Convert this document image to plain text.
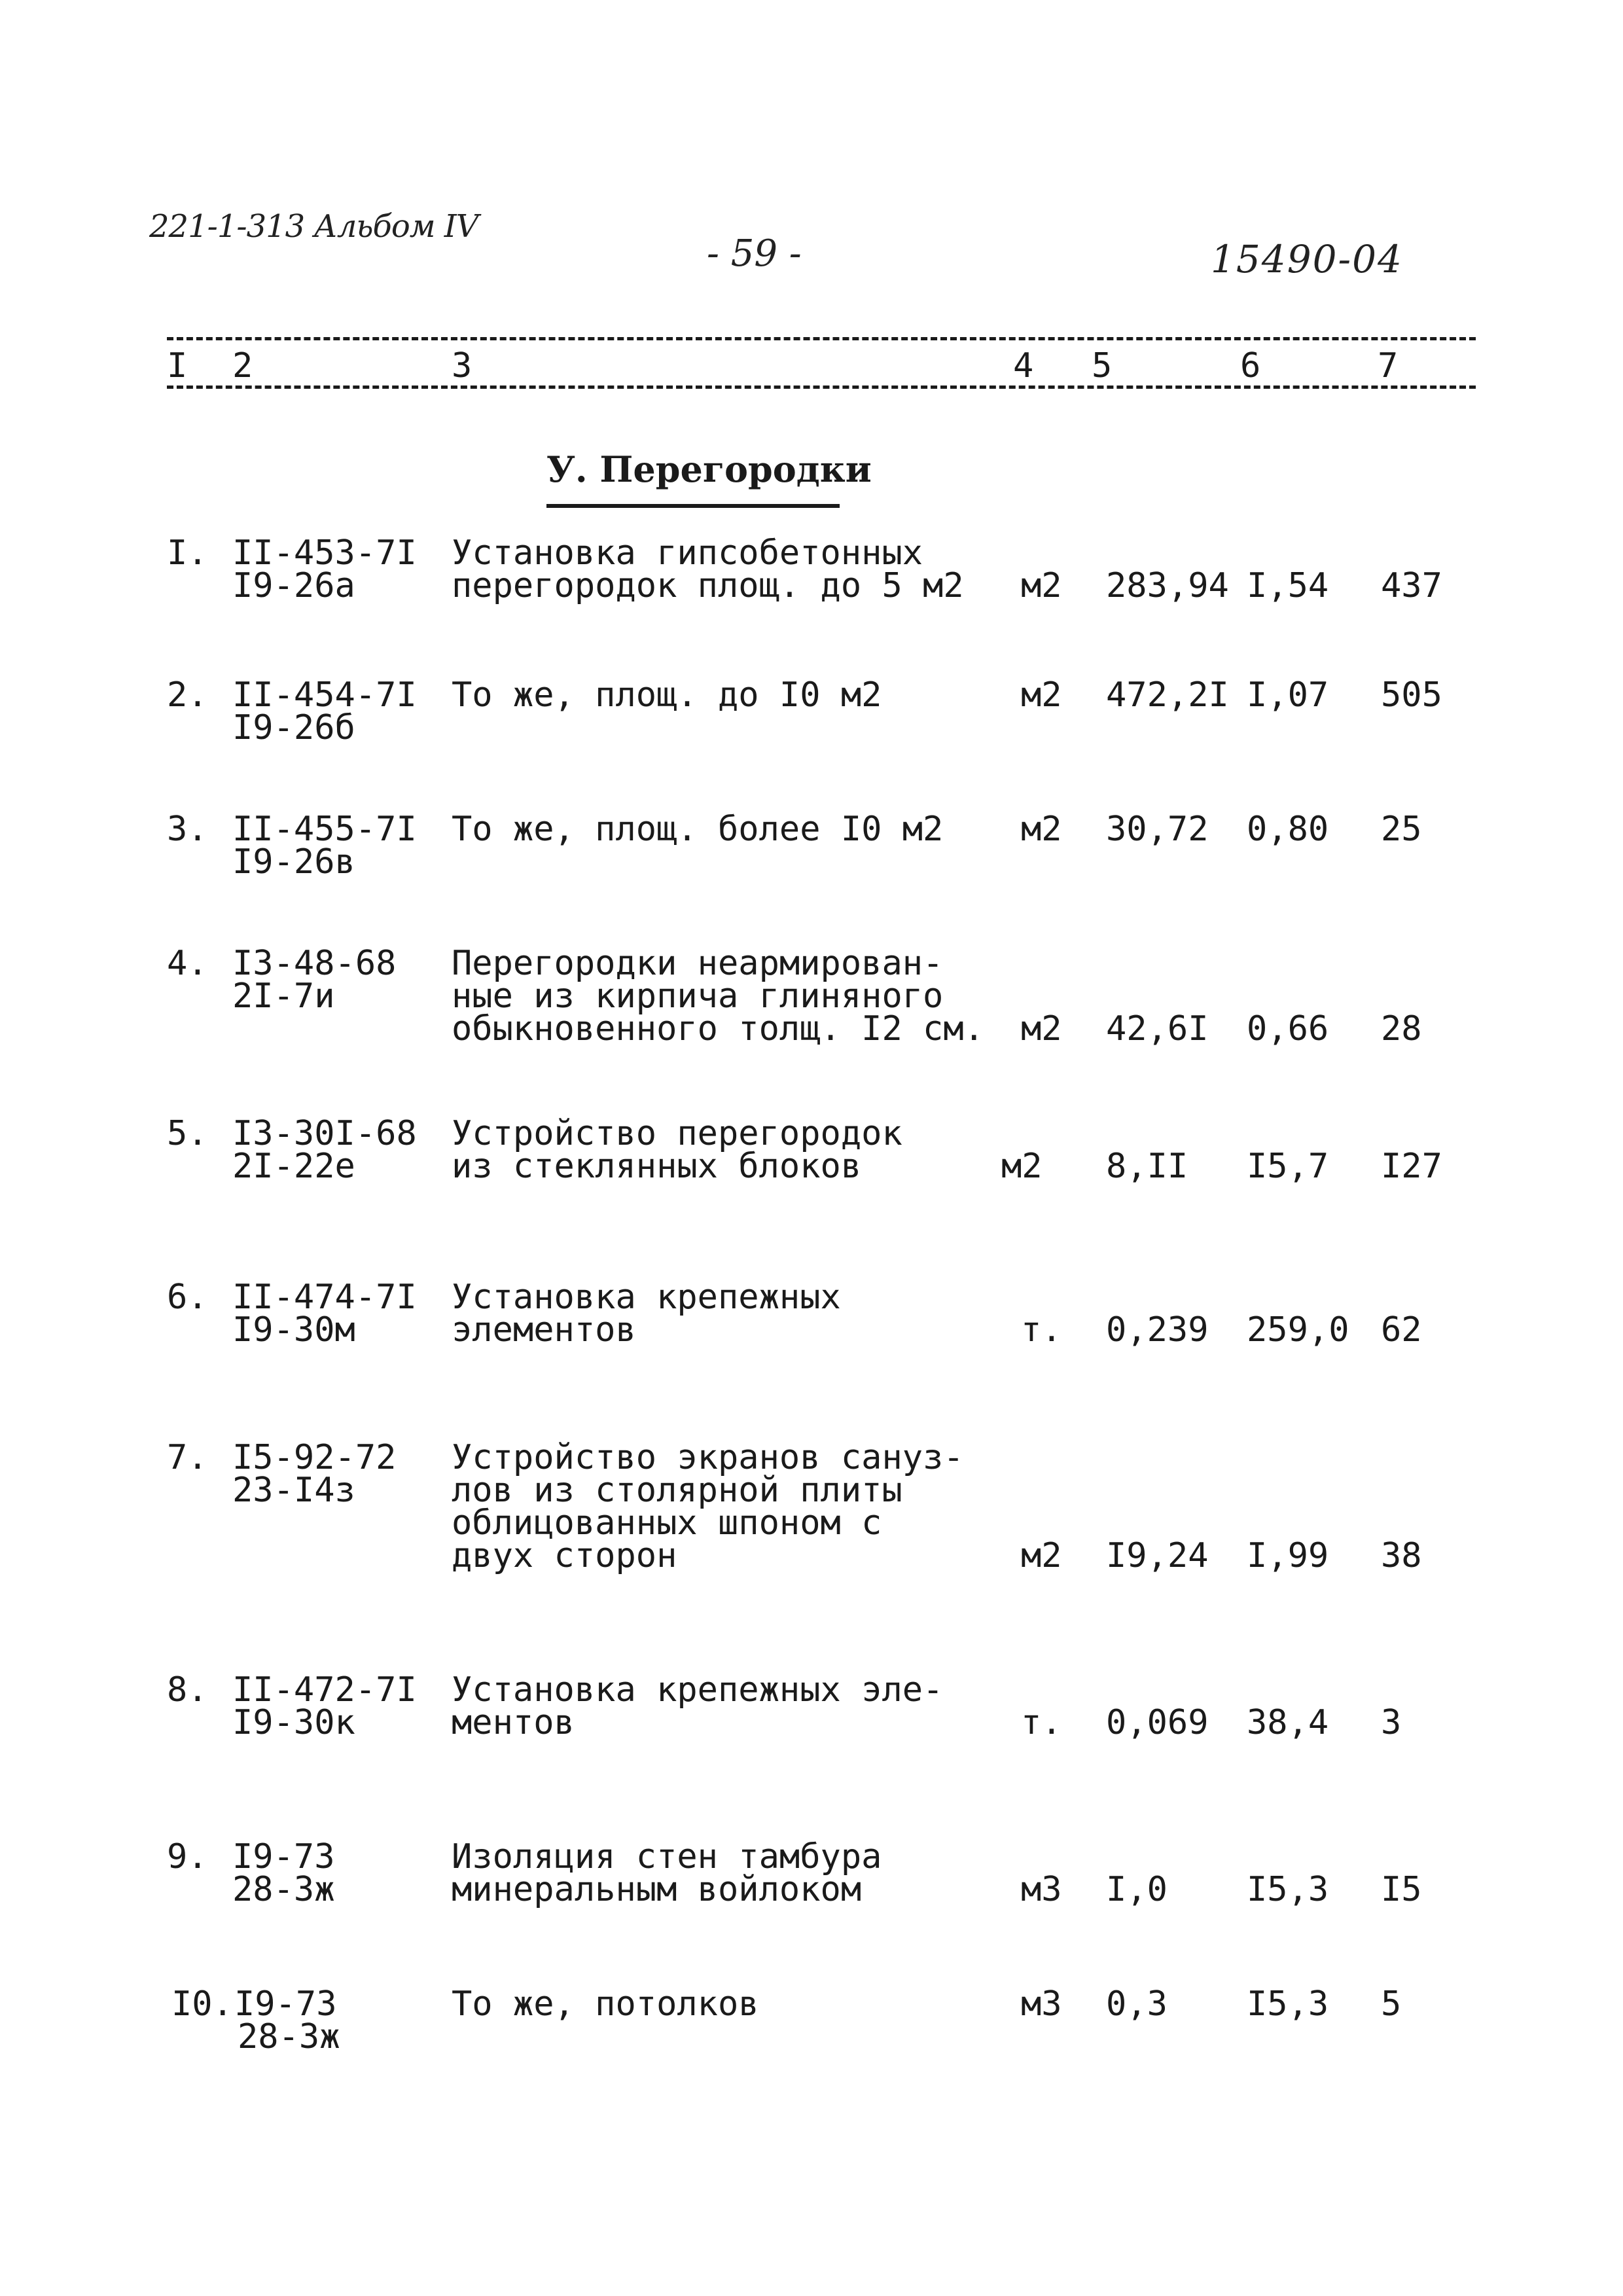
221-1-313 Альбом IV
- 59 -	15490-04
I 2	3	4 5	6	7
У. Перегородки
I. II-453-7I
I9-26а
Установка гипсобетонных
перегородок площ. до 5 м2 м2 283,94 I,54 437
2. II-454-7I
I9-26б
То же, площ. до I0 м2	м2 472,2I I,07 505
3. II-455-7I
I9-26в
То же, площ. более I0 м2 м2 30,72 0,80 25
4. I3-48-68
2I-7и
Перегородки неармирован-
ные из кирпича глиняного
обыкновенного толщ. I2 см. м2 42,6I 0,66 28
5. I3-30I-68
2I-22е
Устройство перегородок
из стеклянных блоков	м2 8,II I5,7 I27
6. II-474-7I
I9-30м
Установка крепежных
элементов	т. 0,239 259,0 62
7. I5-92-72
23-I4з
Устройство экранов сануз-
лов из столярной плиты
облицованных шпоном с
двух сторон	м2 I9,24 I,99 38
8. II-472-7I
I9-30к
Установка крепежных эле-
ментов	т. 0,069 38,4 3
9. I9-73
28-3ж
Изоляция стен тамбура
минеральным войлоком	м3 I,0 I5,3 I5
I0. I9-73
28-3ж
То же, потолков	м3 0,3 I5,3 5
